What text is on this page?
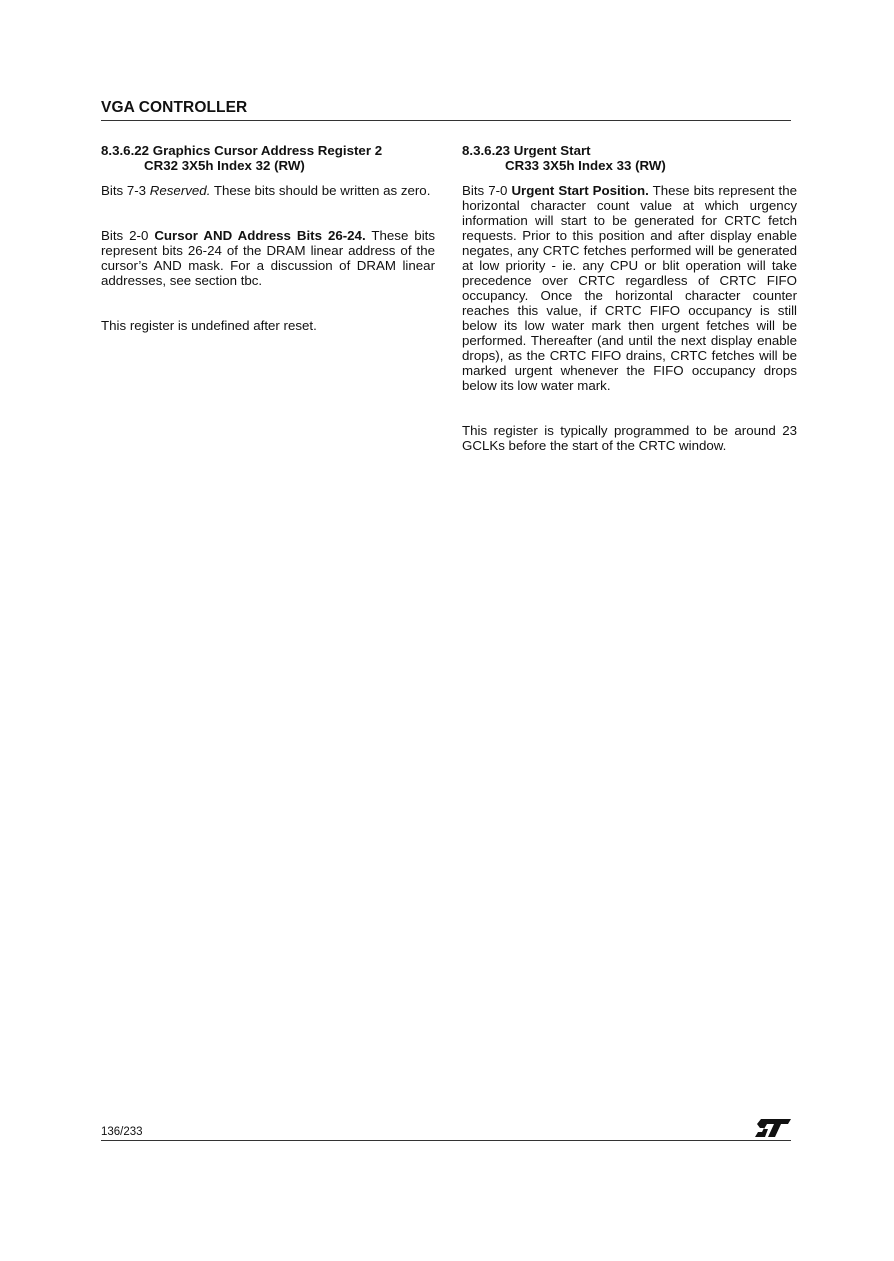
VGA CONTROLLER
8.3.6.22 Graphics Cursor Address Register 2
CR32 3X5h Index 32 (RW)

Bits 7-3 Reserved. These bits should be written as zero.

Bits 2-0 Cursor AND Address Bits 26-24. These bits represent bits 26-24 of the DRAM linear address of the cursor’s AND mask. For a discussion of DRAM linear addresses, see section tbc.

This register is undefined after reset.

8.3.6.23 Urgent Start
CR33 3X5h Index 33 (RW)

Bits 7-0 Urgent Start Position. These bits represent the horizontal character count value at which urgency information will start to be generated for CRTC fetch requests. Prior to this position and after display enable negates, any CRTC fetches performed will be generated at low priority - ie. any CPU or blit operation will take precedence over CRTC regardless of CRTC FIFO occupancy. Once the horizontal character counter reaches this value, if CRTC FIFO occupancy is still below its low water mark then urgent fetches will be performed. Thereafter (and until the next display enable drops), as the CRTC FIFO drains, CRTC fetches will be marked urgent whenever the FIFO occupancy drops below its low water mark.

This register is typically programmed to be around 23 GCLKs before the start of the CRTC window.

136/233
